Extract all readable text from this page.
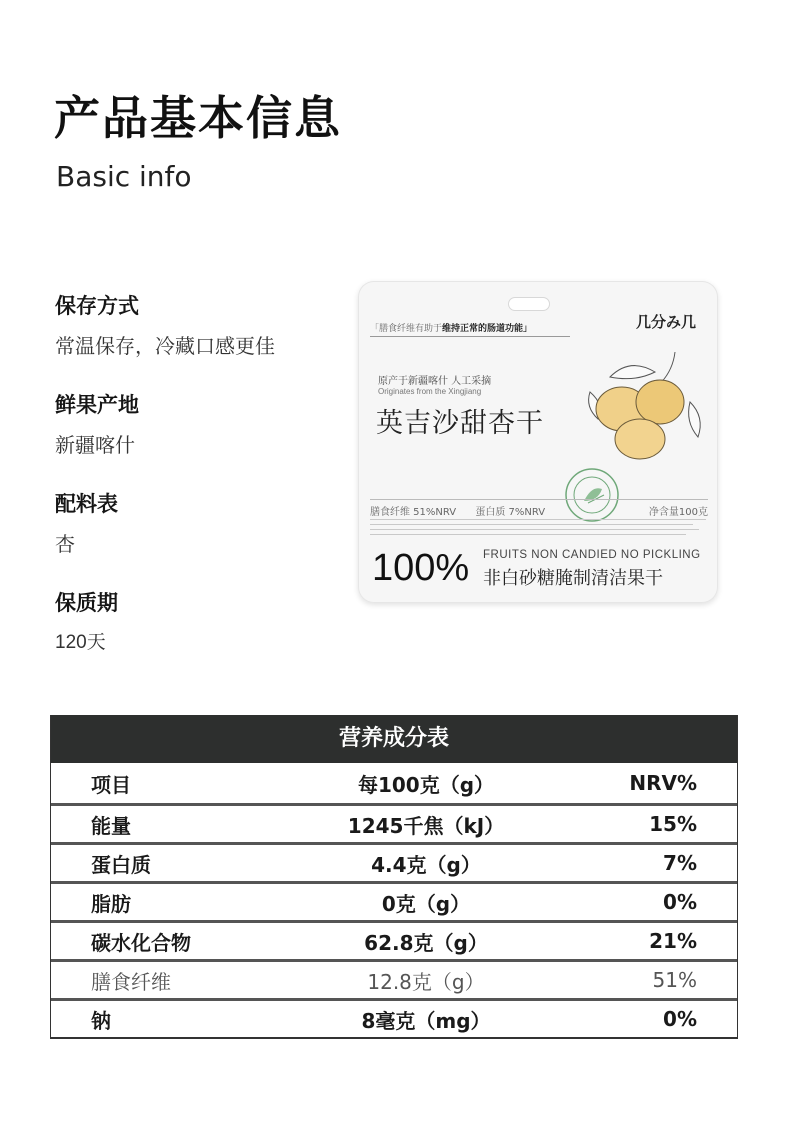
产品基本信息
Basic info
保存方式
常温保存，冷藏口感更佳
鲜果产地
新疆喀什
配料表
杏
保质期
120天
几分み几
「膳食纤维有助于维持正常的肠道功能」
原产于新疆喀什 人工采摘
Originates from the Xingjiang
英吉沙甜杏干
膳食纤维 51%NRV 蛋白质 7%NRV	净含量100克
100% FRUITS NON CANDIED NO PICKLING
非白砂糖腌制清洁果干
营养成分表
项目	每100克（g）	NRV%
能量	1245千焦（kJ）	15%
蛋白质	4.4克（g）	7%
脂肪	0克（g）	0%
碳水化合物	62.8克（g）	21%
膳食纤维	12.8克（g）	51%
钠	8毫克（mg）	0%
